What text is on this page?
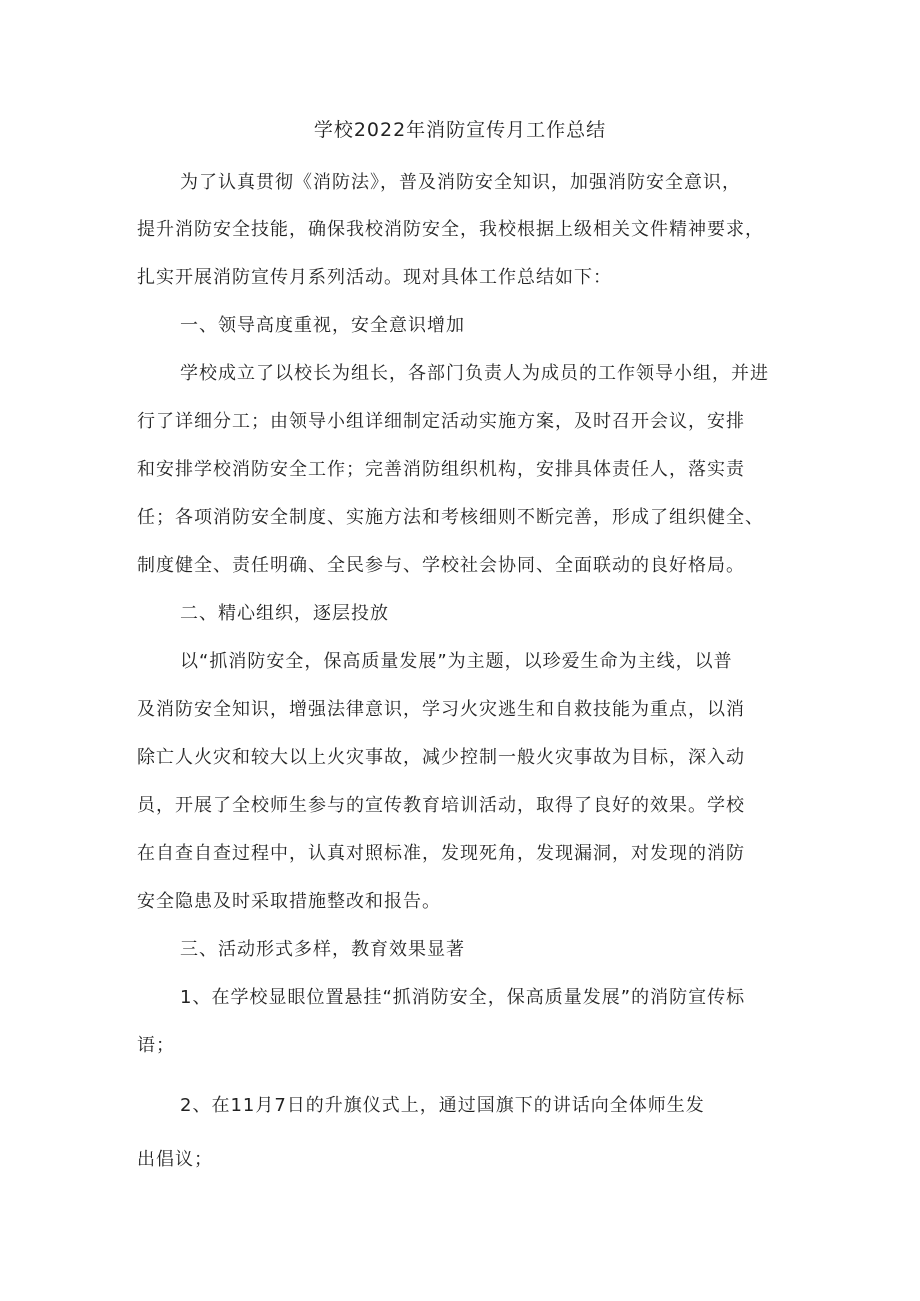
学校2022年消防宣传月工作总结
为了认真贯彻《消防法》，普及消防安全知识，加强消防安全意识，
提升消防安全技能，确保我校消防安全，我校根据上级相关文件精神要求，
扎实开展消防宣传月系列活动。现对具体工作总结如下：
一、领导高度重视，安全意识增加
学校成立了以校长为组长，各部门负责人为成员的工作领导小组，并进
行了详细分工；由领导小组详细制定活动实施方案，及时召开会议，安排
和安排学校消防安全工作；完善消防组织机构，安排具体责任人，落实责
任；各项消防安全制度、实施方法和考核细则不断完善，形成了组织健全、
制度健全、责任明确、全民参与、学校社会协同、全面联动的良好格局。
二、精心组织，逐层投放
以“抓消防安全，保高质量发展”为主题，以珍爱生命为主线，以普
及消防安全知识，增强法律意识，学习火灾逃生和自救技能为重点，以消
除亡人火灾和较大以上火灾事故，减少控制一般火灾事故为目标，深入动
员，开展了全校师生参与的宣传教育培训活动，取得了良好的效果。学校
在自查自查过程中，认真对照标准，发现死角，发现漏洞，对发现的消防
安全隐患及时采取措施整改和报告。
三、活动形式多样，教育效果显著
1、在学校显眼位置悬挂“抓消防安全，保高质量发展”的消防宣传标
语；
2、在11月7日的升旗仪式上，通过国旗下的讲话向全体师生发
出倡议；
